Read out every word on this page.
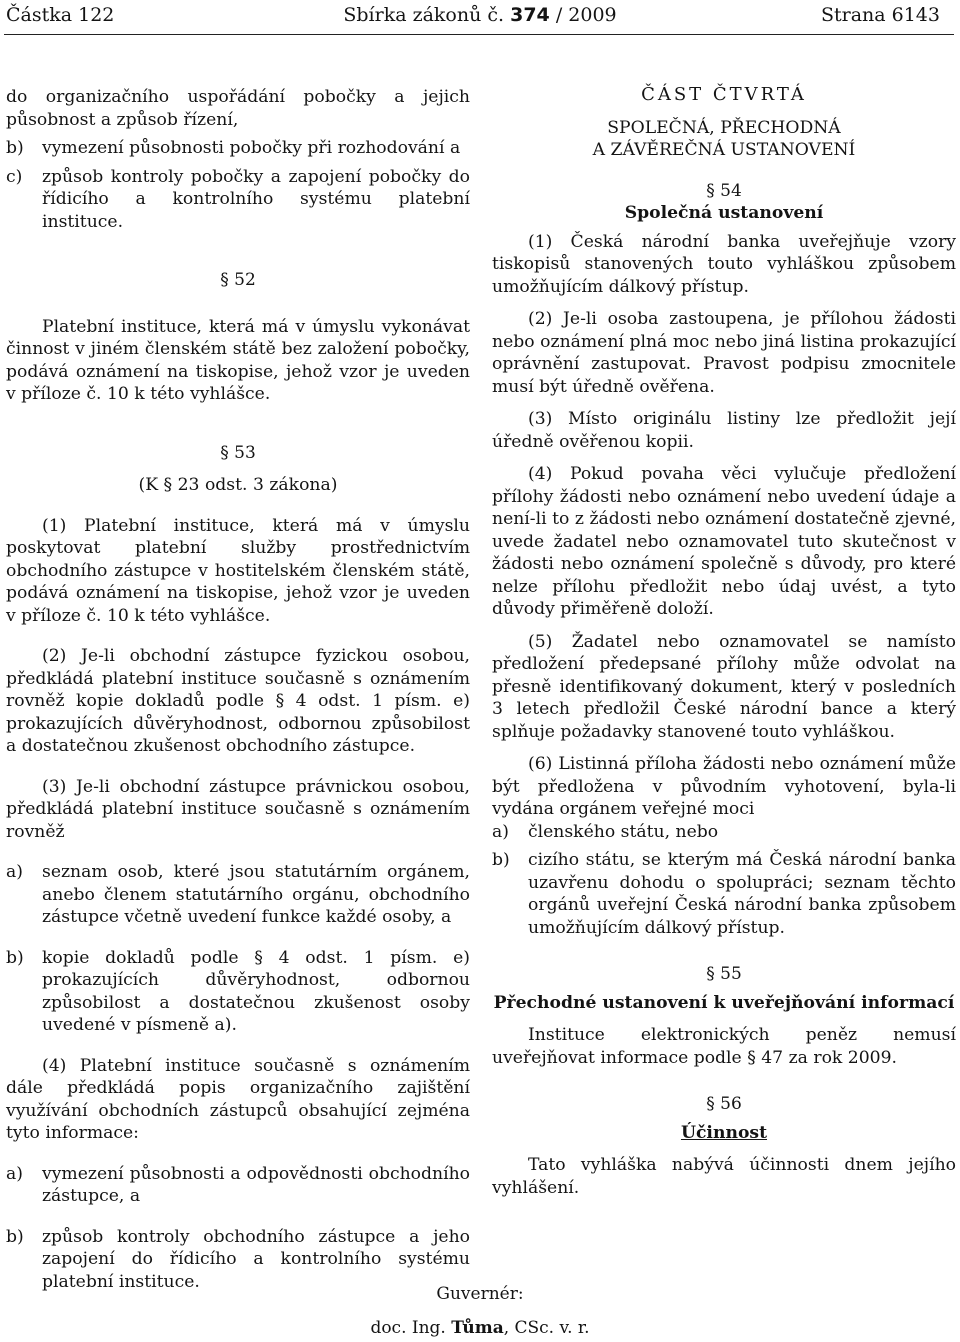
Částka 122	Sbírka zákonů č. 374 / 2009	Strana 6143

do organizačního uspořádání pobočky a jejich působnost a způsob řízení,

b)	vymezení působnosti pobočky při rozhodování a
c)	způsob kontroly pobočky a zapojení pobočky do řídicího a kontrolního systému platební instituce.

§ 52

Platební instituce, která má v úmyslu vykonávat činnost v jiném členském státě bez založení pobočky, podává oznámení na tiskopise, jehož vzor je uveden v příloze č. 10 k této vyhlášce.

§ 53

(K § 23 odst. 3 zákona)

(1) Platební instituce, která má v úmyslu poskytovat platební služby prostřednictvím obchodního zástupce v hostitelském členském státě, podává oznámení na tiskopise, jehož vzor je uveden v příloze č. 10 k této vyhlášce.

(2) Je-li obchodní zástupce fyzickou osobou, předkládá platební instituce současně s oznámením rovněž kopie dokladů podle § 4 odst. 1 písm. e) prokazujících důvěryhodnost, odbornou způsobilost a dostatečnou zkušenost obchodního zástupce.

(3) Je-li obchodní zástupce právnickou osobou, předkládá platební instituce současně s oznámením rovněž

a)	seznam osob, které jsou statutárním orgánem, anebo členem statutárního orgánu, obchodního zástupce včetně uvedení funkce každé osoby, a
b)	kopie dokladů podle § 4 odst. 1 písm. e) prokazujících důvěryhodnost, odbornou způsobilost a dostatečnou zkušenost osoby uvedené v písmeně a).

(4) Platební instituce současně s oznámením dále předkládá popis organizačního zajištění využívání obchodních zástupců obsahující zejména tyto informace:

a)	vymezení působnosti a odpovědnosti obchodního zástupce, a
b)	způsob kontroly obchodního zástupce a jeho zapojení do řídicího a kontrolního systému platební instituce.

ČÁST ČTVRTÁ

SPOLEČNÁ, PŘECHODNÁ

A ZÁVĚREČNÁ USTANOVENÍ

§ 54

Společná ustanovení

(1) Česká národní banka uveřejňuje vzory tiskopisů stanovených touto vyhláškou způsobem umožňujícím dálkový přístup.

(2) Je-li osoba zastoupena, je přílohou žádosti nebo oznámení plná moc nebo jiná listina prokazující oprávnění zastupovat. Pravost podpisu zmocnitele musí být úředně ověřena.

(3) Místo originálu listiny lze předložit její úředně ověřenou kopii.

(4) Pokud povaha věci vylučuje předložení přílohy žádosti nebo oznámení nebo uvedení údaje a není-li to z žádosti nebo oznámení dostatečně zjevné, uvede žadatel nebo oznamovatel tuto skutečnost v žádosti nebo oznámení společně s důvody, pro které nelze přílohu předložit nebo údaj uvést, a tyto důvody přiměřeně doloží.

(5) Žadatel nebo oznamovatel se namísto předložení předepsané přílohy může odvolat na přesně identifikovaný dokument, který v posledních 3 letech předložil České národní bance a který splňuje požadavky stanovené touto vyhláškou.

(6) Listinná příloha žádosti nebo oznámení může být předložena v původním vyhotovení, byla-li vydána orgánem veřejné moci

a)	členského státu, nebo
b)	cizího státu, se kterým má Česká národní banka uzavřenu dohodu o spolupráci; seznam těchto orgánů uveřejní Česká národní banka způsobem umožňujícím dálkový přístup.

§ 55

Přechodné ustanovení k uveřejňování informací

Instituce elektronických peněz nemusí uveřejňovat informace podle § 47 za rok 2009.

§ 56

Účinnost

Tato vyhláška nabývá účinnosti dnem jejího vyhlášení.

Guvernér:
doc. Ing. Tůma, CSc. v. r.
